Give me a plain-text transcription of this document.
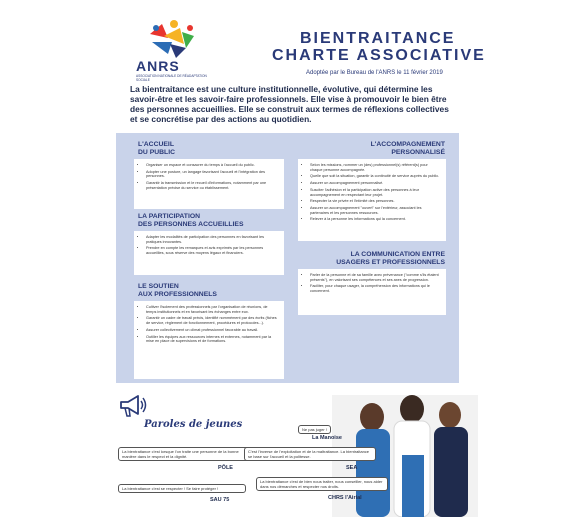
ANRS
ASSOCIATION NATIONALE DE RÉADAPTATION SOCIALE
BIENTRAITANCE
CHARTE ASSOCIATIVE
Adoptée par le Bureau de l'ANRS le 11 février 2019
La bientraitance est une culture institutionnelle, évolutive, qui détermine les savoir-être et les savoir-faire professionnels. Elle vise à promouvoir le bien être des personnes accueillies. Elle se construit aux termes de réflexions collectives et se concrétise par des actions au quotidien.
L'ACCUEIL
DU PUBLIC
• Organiser un espace et consacrer du temps à l'accueil du public.
• Adopter une posture, un langage favorisant l'accueil et l'intégration des personnes.
• Garantir la transmission et le recueil d'informations, notamment par une présentation précise du service ou établissement.
LA PARTICIPATION
DES PERSONNES ACCUEILLIES
• Adapter les modalités de participation des personnes en favorisant les pratiques innovantes.
• Prendre en compte les remarques et avis exprimés par les personnes accueillies, sous réserve des moyens légaux et financiers.
LE SOUTIEN
AUX PROFESSIONNELS
• Cultiver l'isolement des professionnels par l'organisation de réunions, de temps institutionnels et en favorisant les échanges entre eux.
• Garantir un cadre de travail précis, identifié nommément par des écrits (fiches de service, règlement de fonctionnement, procédures et protocoles...).
• Assurer collectivement un climat professionnel favorable au travail.
• Outiller les équipes aux ressources internes et externes, notamment par la mise en place de supervisions et de formations.
L'ACCOMPAGNEMENT
PERSONNALISÉ
• Selon les missions, nommer un (des) professionnel(s) référent(s) pour chaque personne accompagnée.
• Quelle que soit la situation, garantir la continuité de service auprès du public.
• Assurer un accompagnement personnalisé.
• Susciter l'adhésion et la participation active des personnes à leur accompagnement en respectant leur projet.
• Respecter la vie privée et l'intimité des personnes.
• Assurer un accompagnement "ouvert" sur l'extérieur, associant les partenaires et les personnes ressources.
• Relever à la personne les informations qui la concernent.
LA COMMUNICATION ENTRE
USAGERS ET PROFESSIONNELS
• Parler de la personne et de sa famille avec prévenance ("comme s'ils étaient présents"), en valorisant ses compétences et ses axes de progression.
• Faciliter, pour chaque usager, la compréhension des informations qui le concernent.
Paroles de jeunes	Ne pas juger !
La Manoise
La bientraitance c'est lorsque l'on traite une personne de la bonne manière dans le respect et la dignité.
PÔLE
C'est l'inverse de l'exploitation et de la maltraitance. La bientraitance se base sur l'accueil et la politesse.
SEA
La bientraitance c'est se respecter ! Se faire protéger !
SAU 75
La bientraitance c'est de bien nous traiter, nous conseiller, nous aider dans nos démarches et respecter nos droits.
CHRS l'Airial
